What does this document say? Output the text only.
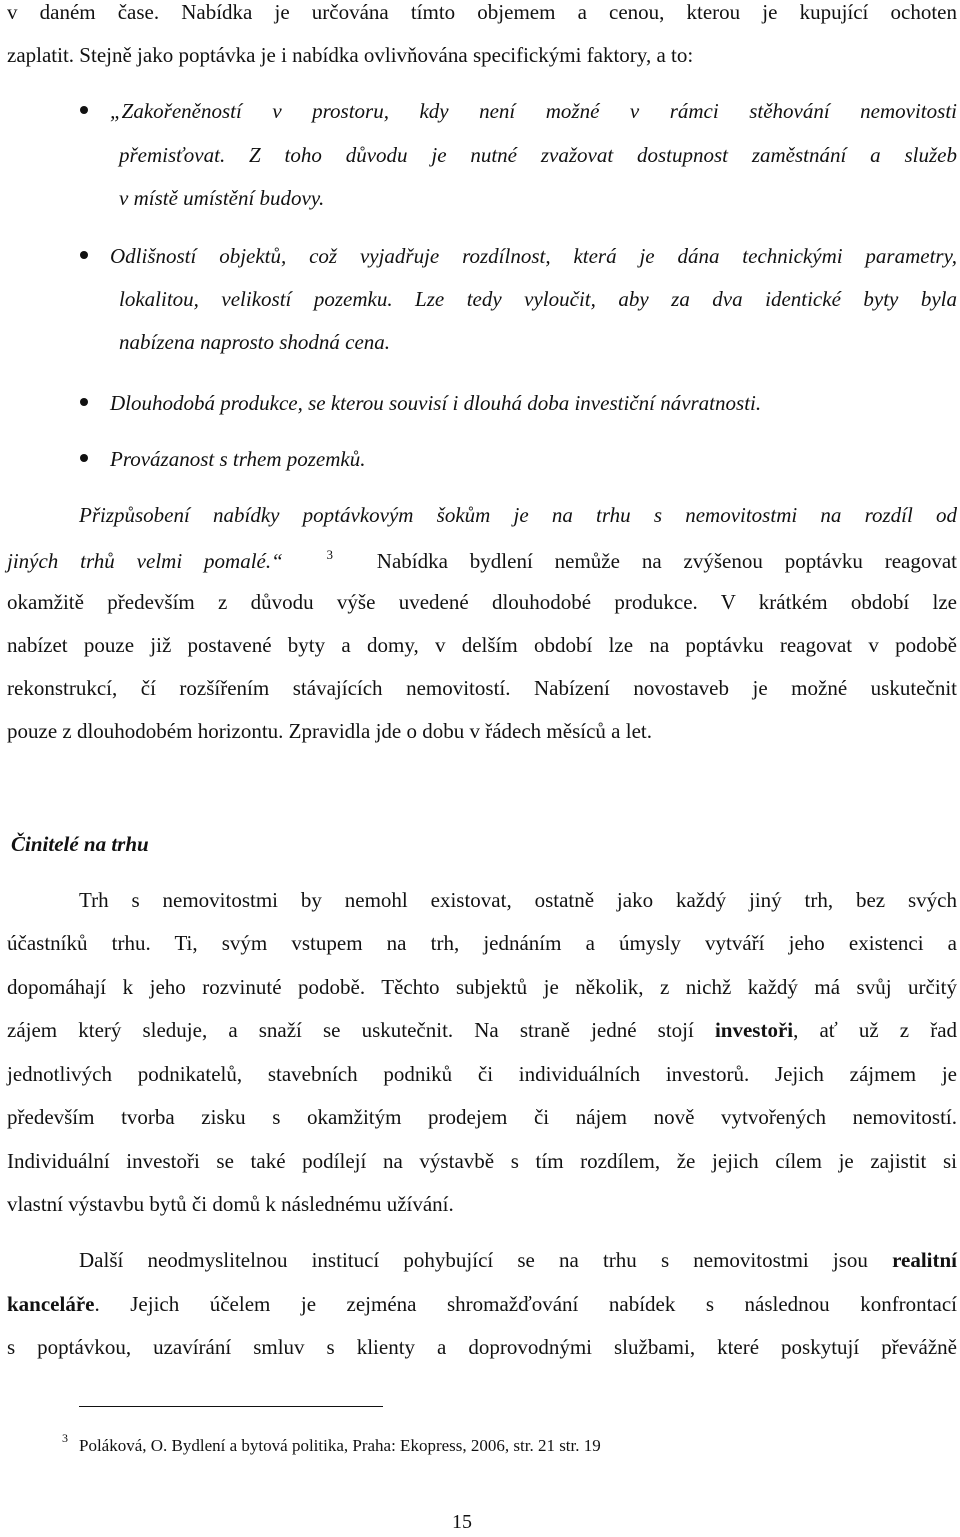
v daném čase. Nabídka je určována tímto objemem a cenou, kterou je kupující ochoten
zaplatit. Stejně jako poptávka je i nabídka ovlivňována specifickými faktory, a to:
„Zakořeněností v prostoru, kdy není možné v rámci stěhování nemovitosti
přemisťovat. Z toho důvodu je nutné zvažovat dostupnost zaměstnání a služeb
v místě umístění budovy.
Odlišností objektů, což vyjadřuje rozdílnost, která je dána technickými parametry,
lokalitou, velikostí pozemku. Lze tedy vyloučit, aby za dva identické byty byla
nabízena naprosto shodná cena.
Dlouhodobá produkce, se kterou souvisí i dlouhá doba investiční návratnosti.
Provázanost s trhem pozemků.
Přizpůsobení nabídky poptávkovým šokům je na trhu s nemovitostmi na rozdíl od
jiných trhů velmi pomalé.“	$^3$ Nabídka bydlení nemůže na zvýšenou poptávku reagovat
okamžitě především z důvodu výše uvedené dlouhodobé produkce. V krátkém období lze
nabízet pouze již postavené byty a domy, v delším období lze na poptávku reagovat v podobě
rekonstrukcí, čí rozšířením stávajících nemovitostí. Nabízení novostaveb je možné uskutečnit
pouze z dlouhodobém horizontu. Zpravidla jde o dobu v řádech měsíců a let.
Činitelé na trhu
Trh s nemovitostmi by nemohl existovat, ostatně jako každý jiný trh, bez svých
účastníků trhu. Ti, svým vstupem na trh, jednáním a úmysly vytváří jeho existenci a
dopomáhají k jeho rozvinuté podobě. Těchto subjektů je několik, z nichž každý má svůj určitý
zájem který sleduje, a snaží se uskutečnit. Na straně jedné stojí investoři, ať už z řad
jednotlivých podnikatelů, stavebních podniků či individuálních investorů. Jejich zájmem je
především tvorba zisku s okamžitým prodejem či nájem nově vytvořených nemovitostí.
Individuální investoři se také podílejí na výstavbě s tím rozdílem, že jejich cílem je zajistit si
vlastní výstavbu bytů či domů k následnému užívání.
Další neodmyslitelnou institucí pohybující se na trhu s nemovitostmi jsou realitní
kanceláře. Jejich účelem je zejména shromažďování nabídek s následnou konfrontací
s poptávkou, uzavírání smluv s klienty a doprovodnými službami, které poskytují převážně
3 Poláková, O. Bydlení a bytová politika, Praha: Ekopress, 2006, str. 21 str. 19
15
